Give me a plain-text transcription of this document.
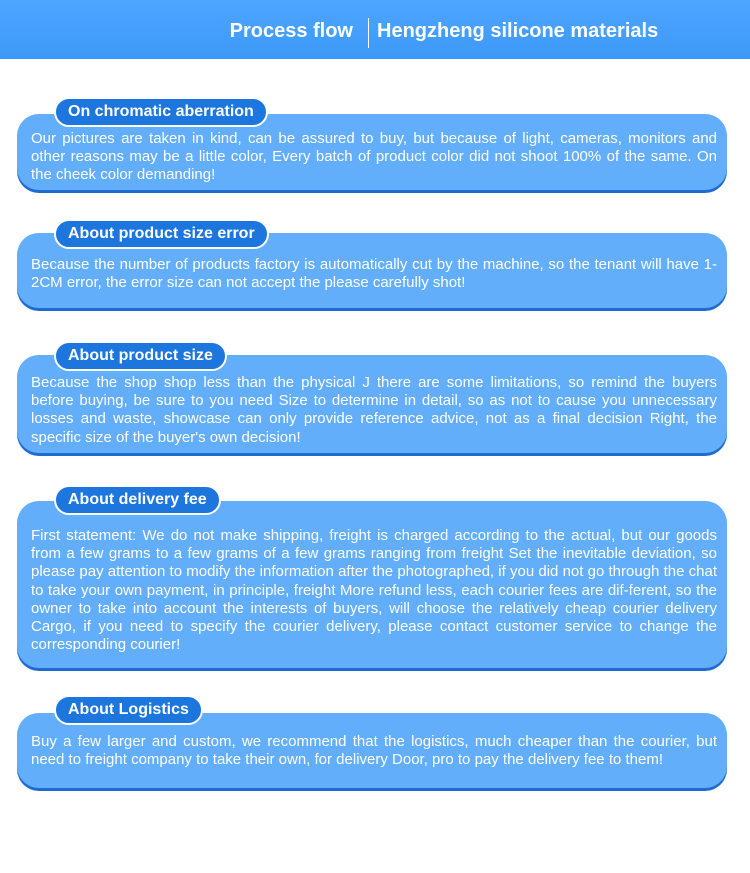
Process flow Hengzheng silicone materials
Our pictures are taken in kind, can be assured to buy, but because of light, cameras, monitors and other reasons may be a little color, Every batch of product color did not shoot 100% of the same. On the cheek color demanding!
On chromatic aberration
Because the number of products factory is automatically cut by the machine, so the tenant will have 1-2CM error, the error size can not accept the please carefully shot!
About product size error
Because the shop shop less than the physical J there are some limitations, so remind the buyers before buying, be sure to you need Size to determine in detail, so as not to cause you unnecessary losses and waste, showcase can only provide reference advice, not as a final decision Right, the specific size of the buyer's own decision!
About product size
First statement: We do not make shipping, freight is charged according to the actual, but our goods from a few grams to a few grams of a few grams ranging from freight Set the inevitable deviation, so please pay attention to modify the information after the photographed, if you did not go through the chat to take your own payment, in principle, freight More refund less, each courier fees are dif-ferent, so the owner to take into account the interests of buyers, will choose the relatively cheap courier delivery Cargo, if you need to specify the courier delivery, please contact customer service to change the corresponding courier!
About delivery fee
Buy a few larger and custom, we recommend that the logistics, much cheaper than the courier, but need to freight company to take their own, for delivery Door, pro to pay the delivery fee to them!
About Logistics
